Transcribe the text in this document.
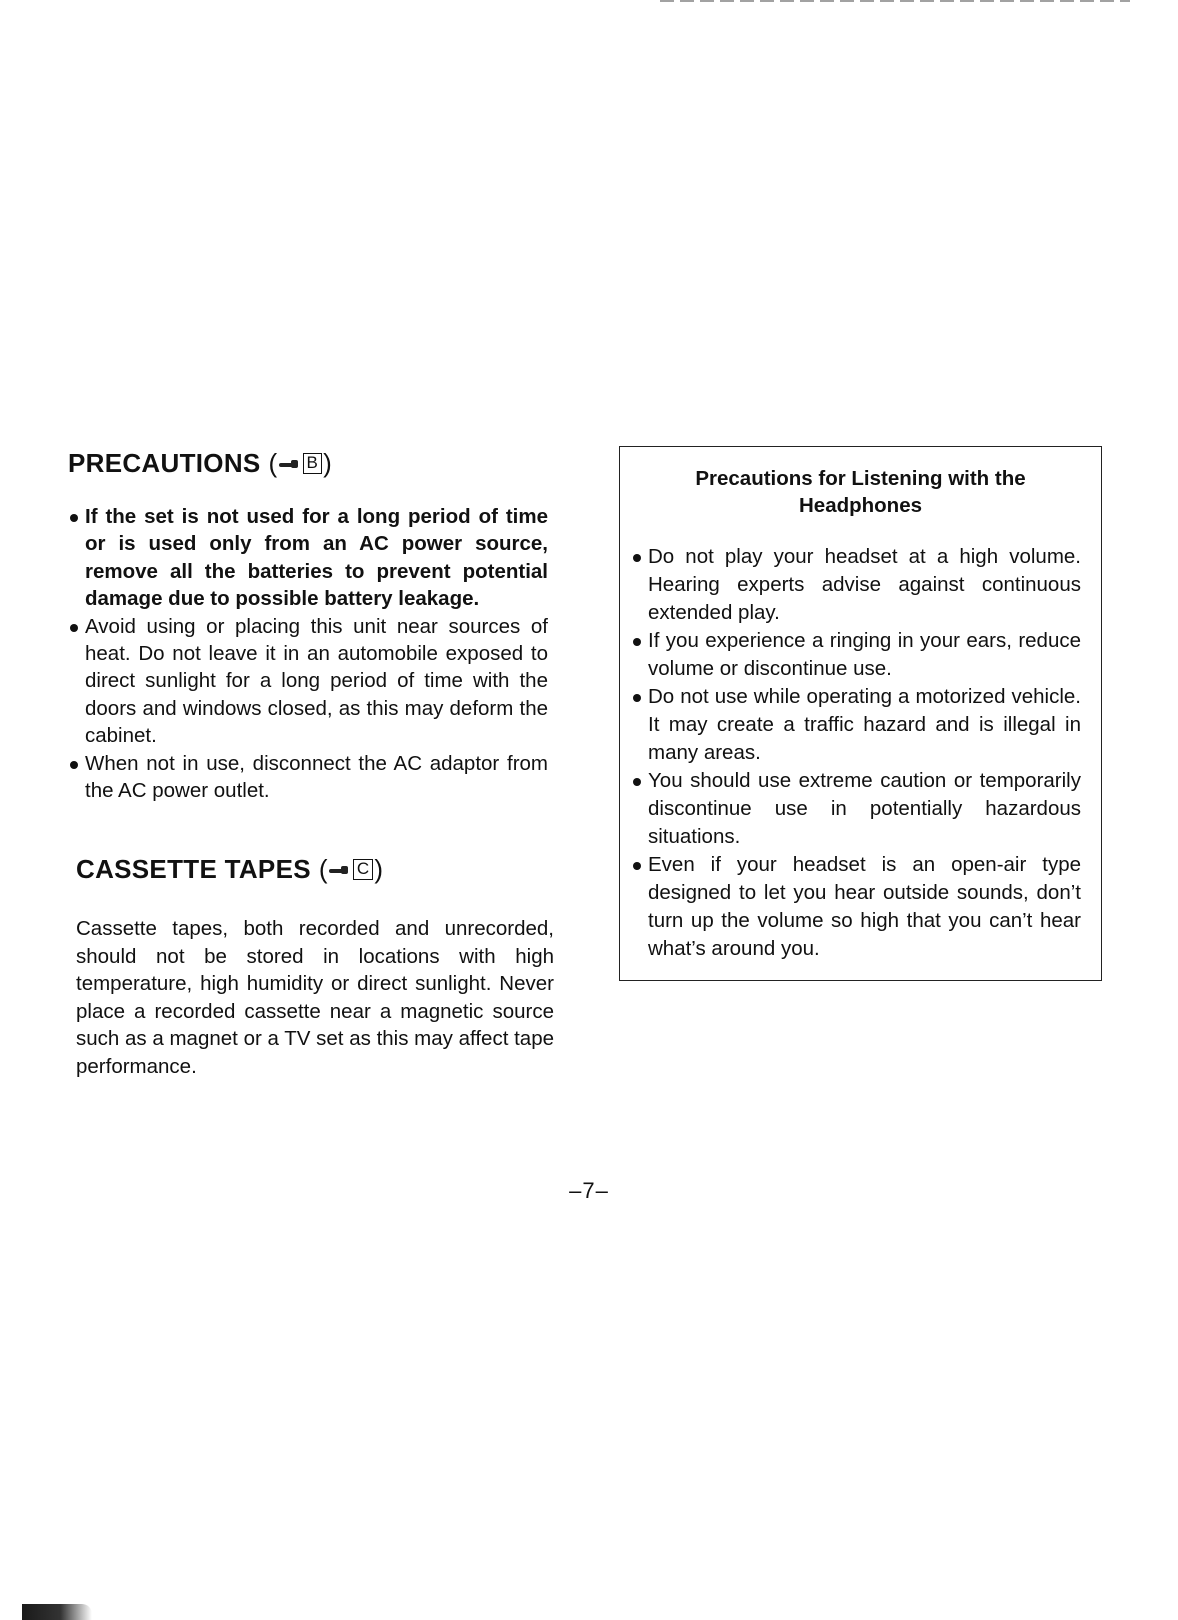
PRECAUTIONS ( B )
If the set is not used for a long period of time or is used only from an AC power source, remove all the batteries to prevent potential damage due to possible battery leakage.
Avoid using or placing this unit near sources of heat. Do not leave it in an automobile exposed to direct sunlight for a long period of time with the doors and windows closed, as this may deform the cabinet.
When not in use, disconnect the AC adaptor from the AC power outlet.
CASSETTE TAPES ( C )

Cassette tapes, both recorded and unrecorded, should not be stored in locations with high temperature, high humidity or direct sunlight. Never place a recorded cassette near a magnetic source such as a magnet or a TV set as this may affect tape performance.

Precautions for Listening with the Headphones
Do not play your headset at a high volume. Hearing experts advise against continuous extended play.
If you experience a ringing in your ears, reduce volume or discontinue use.
Do not use while operating a motorized vehicle. It may create a traffic hazard and is illegal in many areas.
You should use extreme caution or temporarily discontinue use in potentially hazardous situations.
Even if your headset is an open-air type designed to let you hear outside sounds, don’t turn up the volume so high that you can’t hear what’s around you.
–7–
